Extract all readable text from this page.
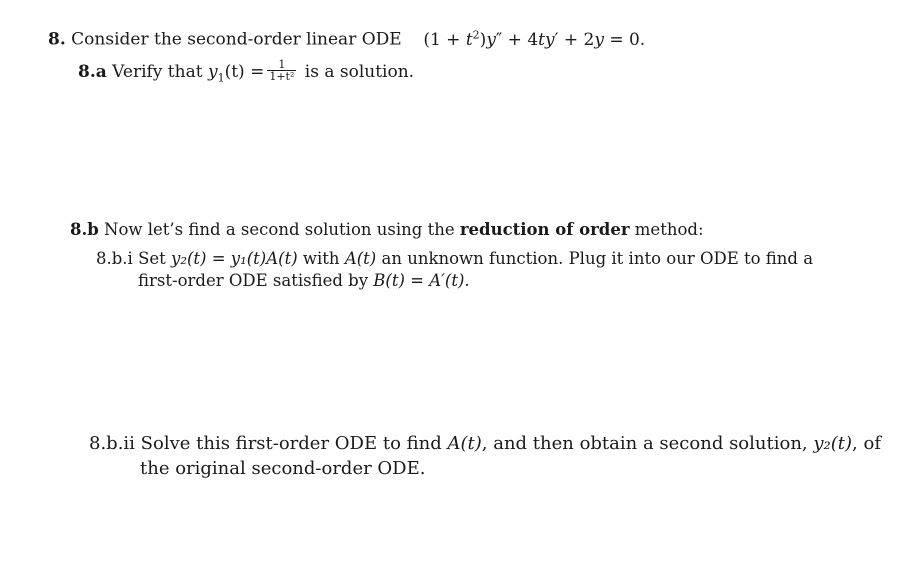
8. Consider the second-order linear ODE $(1 + t^2)y'' + 4ty' + 2y = 0$.
8.a Verify that $y_1(t) = \frac{1}{\text{1+t²}}$ is a solution.
8.b Now let’s find a second solution using the reduction of order method:
8.b.i Set y₂(t) = y₁(t)A(t) with A(t) an unknown function. Plug it into our ODE to find a
first-order ODE satisfied by B(t) = A′(t).
8.b.ii Solve this first-order ODE to find A(t), and then obtain a second solution, y₂(t), of
the original second-order ODE.
